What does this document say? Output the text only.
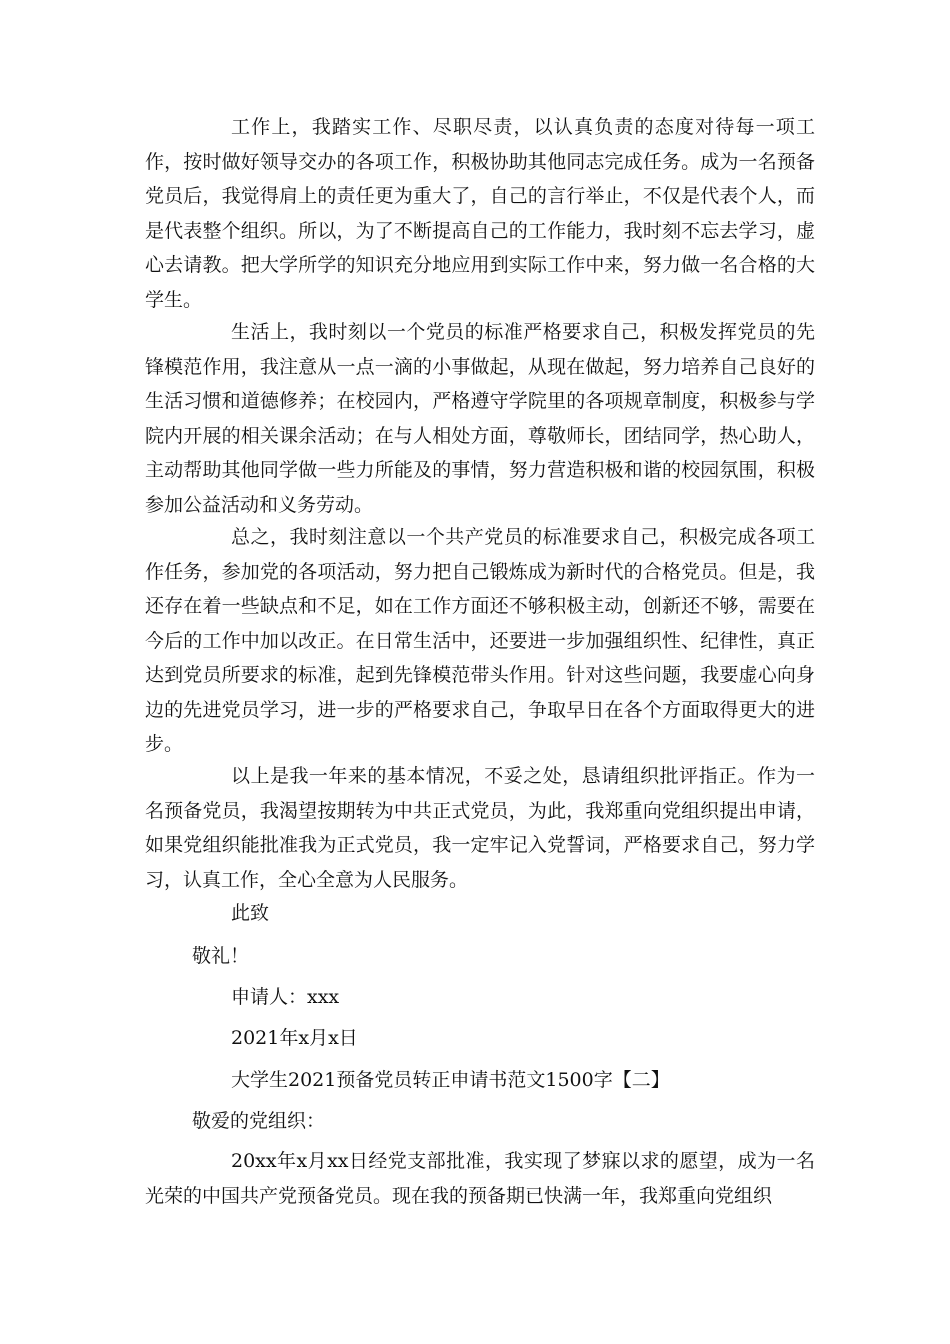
工作上，我踏实工作、尽职尽责，以认真负责的态度对待每一项工作，按时做好领导交办的各项工作，积极协助其他同志完成任务。成为一名预备党员后，我觉得肩上的责任更为重大了，自己的言行举止，不仅是代表个人，而是代表整个组织。所以，为了不断提高自己的工作能力，我时刻不忘去学习，虚心去请教。把大学所学的知识充分地应用到实际工作中来，努力做一名合格的大学生。

生活上，我时刻以一个党员的标准严格要求自己，积极发挥党员的先锋模范作用，我注意从一点一滴的小事做起，从现在做起，努力培养自己良好的生活习惯和道德修养；在校园内，严格遵守学院里的各项规章制度，积极参与学院内开展的相关课余活动；在与人相处方面，尊敬师长，团结同学，热心助人，主动帮助其他同学做一些力所能及的事情，努力营造积极和谐的校园氛围，积极参加公益活动和义务劳动。

总之，我时刻注意以一个共产党员的标准要求自己，积极完成各项工作任务，参加党的各项活动，努力把自己锻炼成为新时代的合格党员。但是，我还存在着一些缺点和不足，如在工作方面还不够积极主动，创新还不够，需要在今后的工作中加以改正。在日常生活中，还要进一步加强组织性、纪律性，真正达到党员所要求的标准，起到先锋模范带头作用。针对这些问题，我要虚心向身边的先进党员学习，进一步的严格要求自己，争取早日在各个方面取得更大的进步。

以上是我一年来的基本情况，不妥之处，恳请组织批评指正。作为一名预备党员，我渴望按期转为中共正式党员，为此，我郑重向党组织提出申请，如果党组织能批准我为正式党员，我一定牢记入党誓词，严格要求自己，努力学习，认真工作，全心全意为人民服务。

此致

敬礼！

申请人：xxx

2021年x月x日

大学生2021预备党员转正申请书范文1500字【二】

敬爱的党组织：

20xx年x月xx日经党支部批准，我实现了梦寐以求的愿望，成为一名光荣的中国共产党预备党员。现在我的预备期已快满一年，我郑重向党组织
